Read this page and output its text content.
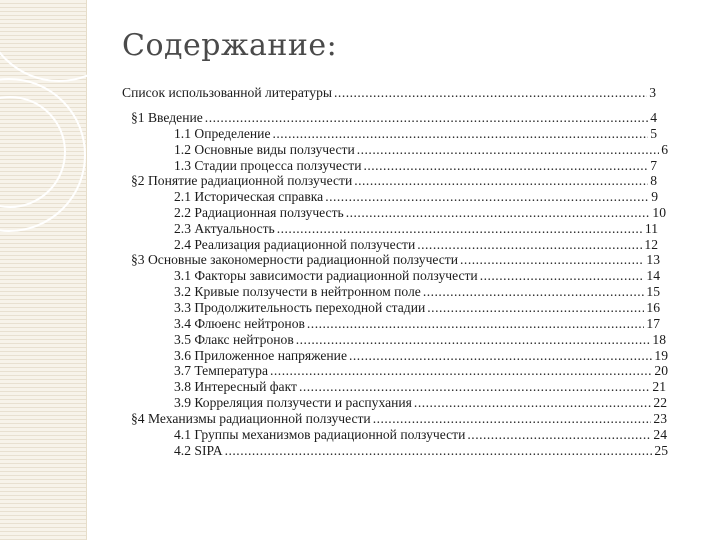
Содержание:
Список использованной литературы .....	3
§1 Введение .....	4
1.1 Определение .....	5
1.2 Основные виды ползучести .....	6
1.3 Стадии процесса ползучести .....	7
§2 Понятие радиационной ползучести .....	8
2.1 Историческая справка .....	9
2.2 Радиационная ползучесть .....	10
2.3 Актуальность .....	11
2.4 Реализация радиационной ползучести .....	12
§3 Основные закономерности радиационной ползучести .....	13
3.1 Факторы зависимости радиационной ползучести .....	14
3.2 Кривые ползучести в нейтронном поле .....	15
3.3 Продолжительность переходной стадии .....	16
3.4 Флюенс нейтронов .....	17
3.5 Флакс нейтронов .....	18
3.6 Приложенное напряжение .....	19
3.7 Температура .....	20
3.8 Интересный факт .....	21
3.9 Корреляция ползучести и распухания .....	22
§4 Механизмы радиационной ползучести .....	23
4.1 Группы механизмов радиационной ползучести .....	24
4.2 SIPA .....	25
